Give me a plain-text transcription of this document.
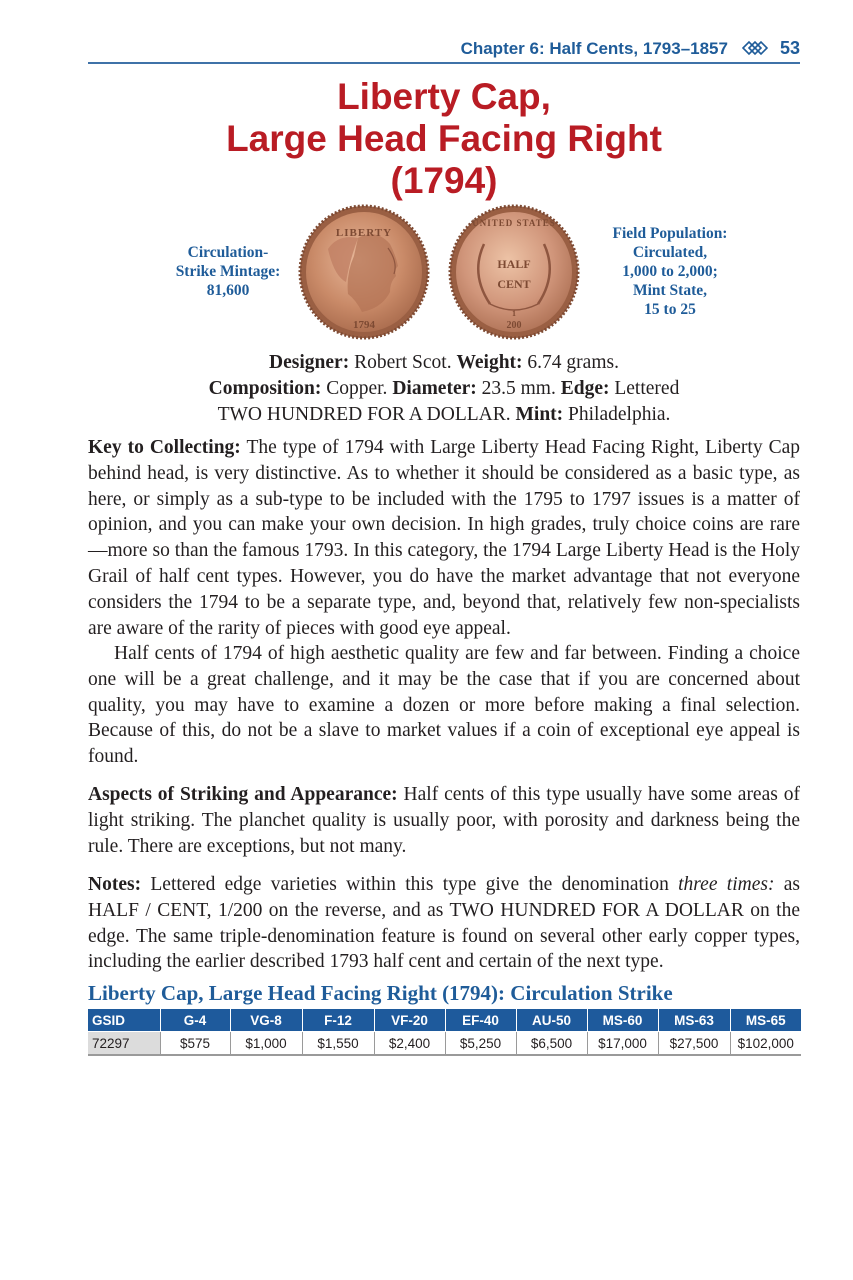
Chapter 6: Half Cents, 1793–1857	53
Liberty Cap,
Large Head Facing Right
(1794)
Circulation-
Strike Mintage:
81,600
LIBERTY
1794
UNITED STATES
HALF
CENT
1
200
Field Population:
Circulated,
1,000 to 2,000;
Mint State,
15 to 25
Designer: Robert Scot. Weight: 6.74 grams.
Composition: Copper. Diameter: 23.5 mm. Edge: Lettered
TWO HUNDRED FOR A DOLLAR. Mint: Philadelphia.
Key to Collecting: The type of 1794 with Large Liberty Head Facing Right, Liberty Cap behind head, is very distinctive. As to whether it should be considered as a basic type, as here, or simply as a sub-type to be included with the 1795 to 1797 issues is a matter of opinion, and you can make your own decision. In high grades, truly choice coins are rare—more so than the famous 1793. In this category, the 1794 Large Liberty Head is the Holy Grail of half cent types. However, you do have the market advantage that not everyone considers the 1794 to be a separate type, and, beyond that, relatively few non-specialists are aware of the rarity of pieces with good eye appeal.
Half cents of 1794 of high aesthetic quality are few and far between. Finding a choice one will be a great challenge, and it may be the case that if you are concerned about quality, you may have to examine a dozen or more before making a final selection. Because of this, do not be a slave to market values if a coin of exceptional eye appeal is found.
Aspects of Striking and Appearance: Half cents of this type usually have some areas of light striking. The planchet quality is usually poor, with porosity and darkness being the rule. There are exceptions, but not many.
Notes: Lettered edge varieties within this type give the denomination three times: as HALF / CENT, 1/200 on the reverse, and as TWO HUNDRED FOR A DOLLAR on the edge. The same triple-denomination feature is found on several other early copper types, including the earlier described 1793 half cent and certain of the next type.
Liberty Cap, Large Head Facing Right (1794): Circulation Strike
GSID	G-4	VG-8	F-12	VF-20	EF-40	AU-50	MS-60	MS-63	MS-65
72297	$575	$1,000	$1,550	$2,400	$5,250	$6,500	$17,000	$27,500	$102,000
